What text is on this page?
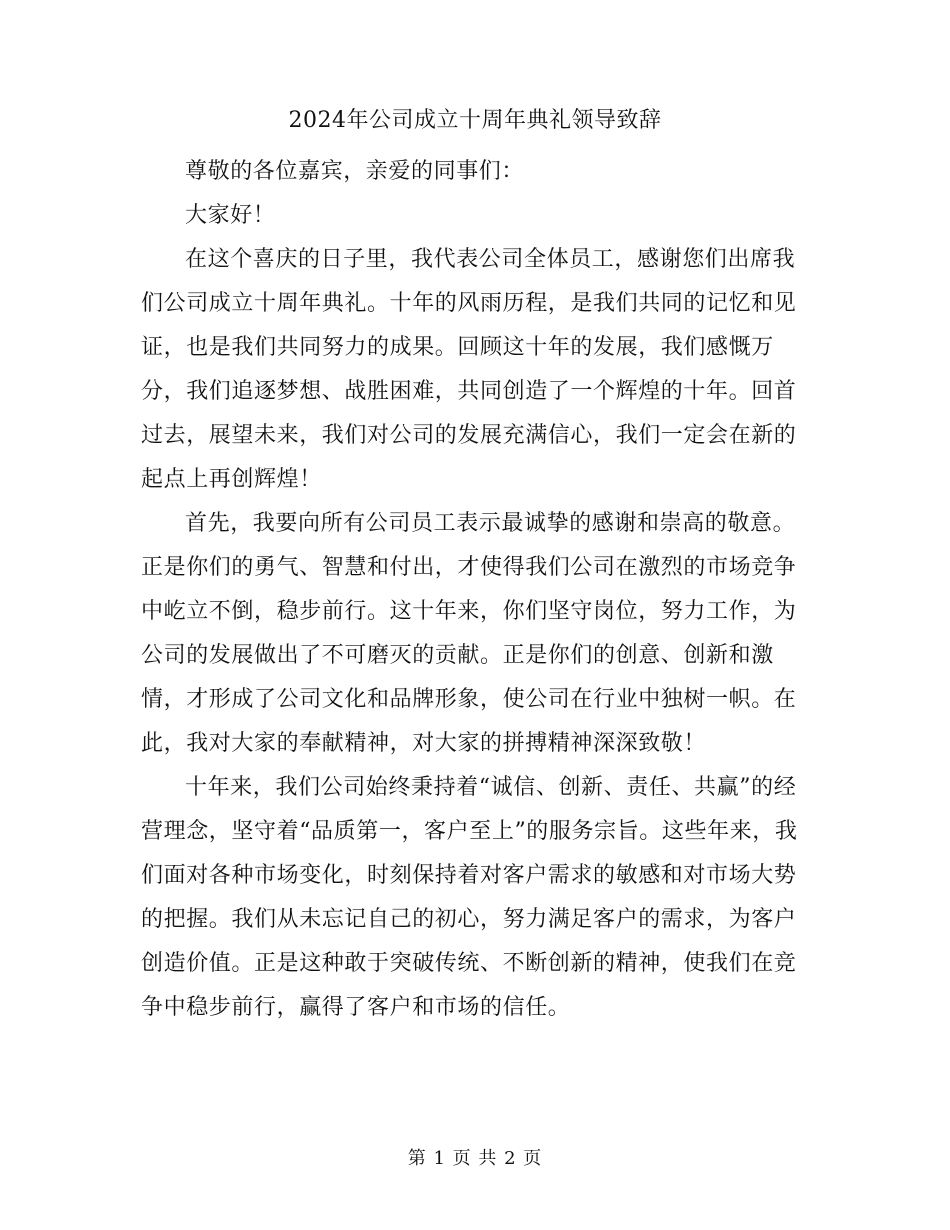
2024年公司成立十周年典礼领导致辞

尊敬的各位嘉宾，亲爱的同事们：

大家好！

在这个喜庆的日子里，我代表公司全体员工，感谢您们出席我们公司成立十周年典礼。十年的风雨历程，是我们共同的记忆和见证，也是我们共同努力的成果。回顾这十年的发展，我们感慨万分，我们追逐梦想、战胜困难，共同创造了一个辉煌的十年。回首过去，展望未来，我们对公司的发展充满信心，我们一定会在新的起点上再创辉煌！

首先，我要向所有公司员工表示最诚挚的感谢和崇高的敬意。正是你们的勇气、智慧和付出，才使得我们公司在激烈的市场竞争中屹立不倒，稳步前行。这十年来，你们坚守岗位，努力工作，为公司的发展做出了不可磨灭的贡献。正是你们的创意、创新和激情，才形成了公司文化和品牌形象，使公司在行业中独树一帜。在此，我对大家的奉献精神，对大家的拼搏精神深深致敬！

十年来，我们公司始终秉持着“诚信、创新、责任、共赢”的经营理念，坚守着“品质第一，客户至上”的服务宗旨。这些年来，我们面对各种市场变化，时刻保持着对客户需求的敏感和对市场大势的把握。我们从未忘记自己的初心，努力满足客户的需求，为客户创造价值。正是这种敢于突破传统、不断创新的精神，使我们在竞争中稳步前行，赢得了客户和市场的信任。

第 1 页 共 2 页
